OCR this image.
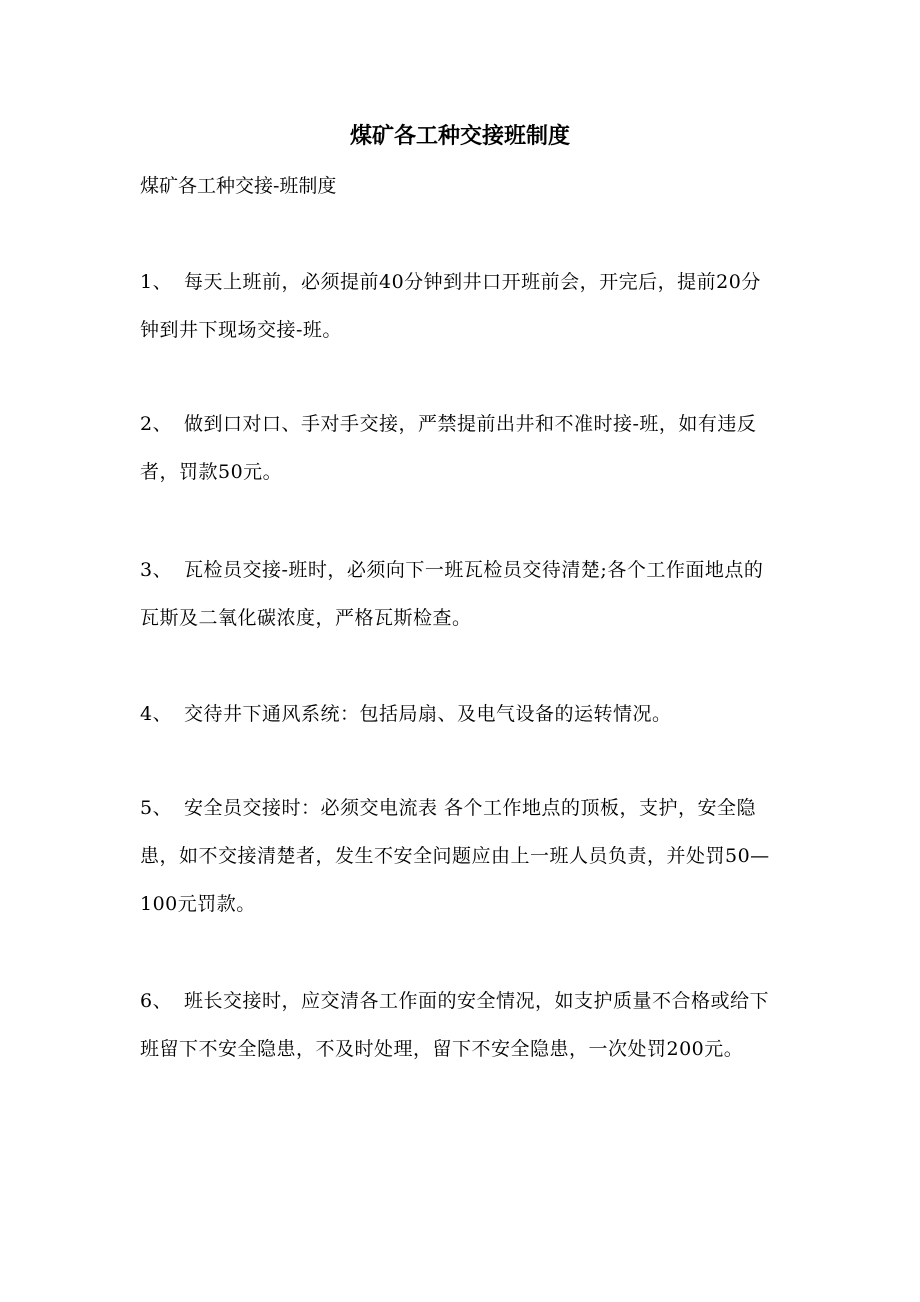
煤矿各工种交接班制度

煤矿各工种交接-班制度

1、 每天上班前，必须提前40分钟到井口开班前会，开完后，提前20分钟到井下现场交接-班。

2、 做到口对口、手对手交接，严禁提前出井和不准时接-班，如有违反者，罚款50元。

3、 瓦检员交接-班时，必须向下一班瓦检员交待清楚;各个工作面地点的瓦斯及二氧化碳浓度，严格瓦斯检查。

4、 交待井下通风系统：包括局扇、及电气设备的运转情况。

5、 安全员交接时：必须交电流表 各个工作地点的顶板，支护，安全隐患，如不交接清楚者，发生不安全问题应由上一班人员负责，并处罚50—100元罚款。

6、 班长交接时，应交清各工作面的安全情况，如支护质量不合格或给下班留下不安全隐患，不及时处理，留下不安全隐患，一次处罚200元。
